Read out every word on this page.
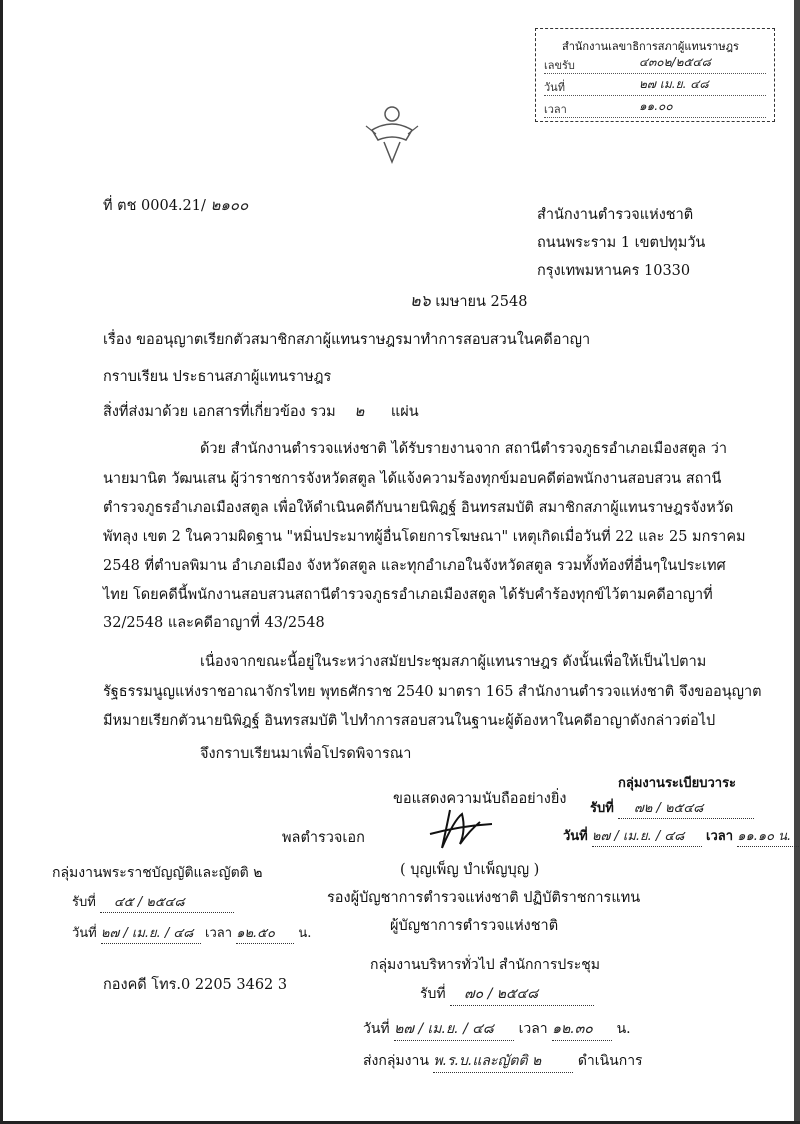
สำนักงานเลขาธิการสภาผู้แทนราษฎร
เลขรับ	๔๓๐๒/๒๕๔๘
วันที่	๒๗ เม.ย. ๔๘
เวลา	๑๑.๐๐
ที่ ตช 0004.21/ ๒๑๐๐
สำนักงานตำรวจแห่งชาติ
ถนนพระราม 1 เขตปทุมวัน
กรุงเทพมหานคร 10330
๒๖ เมษายน 2548
เรื่อง ขออนุญาตเรียกตัวสมาชิกสภาผู้แทนราษฎรมาทำการสอบสวนในคดีอาญา
กราบเรียน ประธานสภาผู้แทนราษฎร
สิ่งที่ส่งมาด้วย เอกสารที่เกี่ยวข้อง รวม ๒ แผ่น
ด้วย สำนักงานตำรวจแห่งชาติ ได้รับรายงานจาก สถานีตำรวจภูธรอำเภอเมืองสตูล ว่า
นายมานิต วัฒนเสน ผู้ว่าราชการจังหวัดสตูล ได้แจ้งความร้องทุกข์มอบคดีต่อพนักงานสอบสวน สถานี
ตำรวจภูธรอำเภอเมืองสตูล เพื่อให้ดำเนินคดีกับนายนิพิฎฐ์ อินทรสมบัติ สมาชิกสภาผู้แทนราษฎรจังหวัด
พัทลุง เขต 2 ในความผิดฐาน "หมิ่นประมาทผู้อื่นโดยการโฆษณา" เหตุเกิดเมื่อวันที่ 22 และ 25 มกราคม
2548 ที่ตำบลพิมาน อำเภอเมือง จังหวัดสตูล และทุกอำเภอในจังหวัดสตูล รวมทั้งท้องที่อื่นๆในประเทศ
ไทย โดยคดีนี้พนักงานสอบสวนสถานีตำรวจภูธรอำเภอเมืองสตูล ได้รับคำร้องทุกข์ไว้ตามคดีอาญาที่
32/2548 และคดีอาญาที่ 43/2548
เนื่องจากขณะนี้อยู่ในระหว่างสมัยประชุมสภาผู้แทนราษฎร ดังนั้นเพื่อให้เป็นไปตาม
รัฐธรรมนูญแห่งราชอาณาจักรไทย พุทธศักราช 2540 มาตรา 165 สำนักงานตำรวจแห่งชาติ จึงขออนุญาต
มีหมายเรียกตัวนายนิพิฎฐ์ อินทรสมบัติ ไปทำการสอบสวนในฐานะผู้ต้องหาในคดีอาญาดังกล่าวต่อไป
จึงกราบเรียนมาเพื่อโปรดพิจารณา
ขอแสดงความนับถืออย่างยิ่ง
พลตำรวจเอก
( บุญเพ็ญ บำเพ็ญบุญ )
รองผู้บัญชาการตำรวจแห่งชาติ ปฏิบัติราชการแทน
ผู้บัญชาการตำรวจแห่งชาติ
กลุ่มงานระเบียบวาระ
รับที่ ๗๒ / ๒๕๔๘
วันที่ ๒๗ / เม.ย. / ๔๘ เวลา ๑๑.๑๐ น.
กลุ่มงานพระราชบัญญัติและญัตติ ๒
รับที่ ๔๕ / ๒๕๔๘
วันที่ ๒๗ / เม.ย. / ๔๘ เวลา ๑๒.๕๐ น.
กองคดี โทร.0 2205 3462 3
กลุ่มงานบริหารทั่วไป สำนักการประชุม
รับที่ ๗๐ / ๒๕๔๘
วันที่ ๒๗ / เม.ย. / ๔๘ เวลา ๑๒.๓๐ น.
ส่งกลุ่มงาน พ.ร.บ.และญัตติ ๒	ดำเนินการ
